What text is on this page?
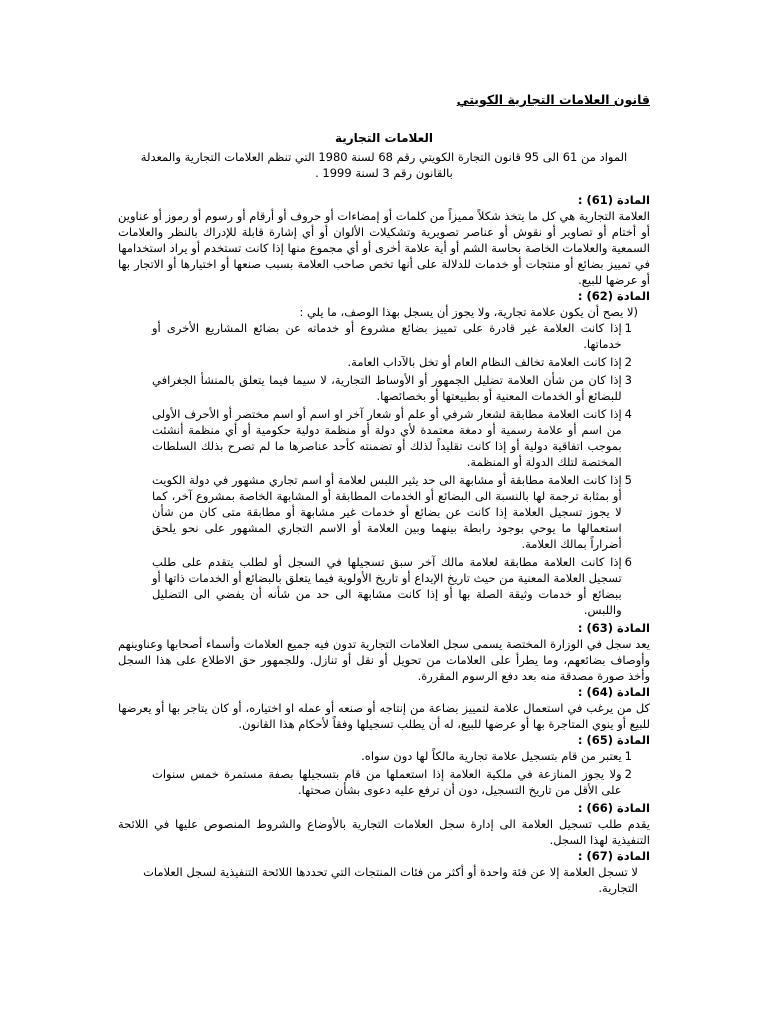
قانون العلامات التجارية الكويتي
العلامات التجارية
المواد من 61 الى 95 قانون التجارة الكويتي رقم 68 لسنة 1980 التي تنظم العلامات التجارية والمعدلة بالقانون رقم 3 لسنة 1999 .
المادة (61) :
العلامة التجارية هي كل ما يتخذ شكلاً مميزاً من كلمات أو إمضاءات أو حروف أو أرقام أو رسوم أو رموز أو عناوين أو أختام أو تصاوير أو نقوش أو عناصر تصويرية وتشكيلات الألوان أو أي إشارة قابلة للإدراك بالنظر والعلامات السمعية والعلامات الخاصة بحاسة الشم أو أية علامة أخرى أو أي مجموع منها إذا كانت تستخدم أو يراد استخدامها في تمييز بضائع أو منتجات أو خدمات للدلالة على أنها تخص صاحب العلامة بسبب صنعها أو اختيارها أو الاتجار بها أو عرضها للبيع.
المادة (62) :
(لا يصح أن يكون علامة تجارية، ولا يجوز أن يسجل بهذا الوصف، ما يلي :
1
إذا كانت العلامة غير قادرة على تمييز بضائع مشروع أو خدماته عن بضائع المشاريع الأخرى أو خدماتها.
2
إذا كانت العلامة تخالف النظام العام أو تخل بالآداب العامة.
3
إذا كان من شأن العلامة تضليل الجمهور أو الأوساط التجارية، لا سيما فيما يتعلق بالمنشأ الجغرافي للبضائع أو الخدمات المعنية أو بطبيعتها أو بخصائصها.
4
إذا كانت العلامة مطابقة لشعار شرفي أو علم أو شعار آخر او اسم أو اسم مختصر أو الأحرف الأولى من اسم أو علامة رسمية أو دمغة معتمدة لأي دولة أو منظمة دولية حكومية أو أي منظمة أنشئت بموجب اتفاقية دولية أو إذا كانت تقليداً لذلك أو تضمنته كأحد عناصرها ما لم تصرح بذلك السلطات المختصة لتلك الدولة أو المنظمة.
5
إذا كانت العلامة مطابقة أو مشابهة الى حد يثير اللبس لعلامة أو اسم تجاري مشهور في دولة الكويت أو بمثابة ترجمة لها بالنسبة الى البضائع أو الخدمات المطابقة أو المشابهة الخاصة بمشروع آخر، كما لا يجوز تسجيل العلامة إذا كانت عن بضائع أو خدمات غير مشابهة أو مطابقة متى كان من شأن استعمالها ما يوحي بوجود رابطة بينهما وبين العلامة أو الاسم التجاري المشهور على نحو يلحق أضراراً بمالك العلامة.
6
إذا كانت العلامة مطابقة لعلامة مالك آخر سبق تسجيلها في السجل أو لطلب يتقدم على طلب تسجيل العلامة المعنية من حيث تاريخ الإيداع أو تاريخ الأولوية فيما يتعلق بالبضائع أو الخدمات ذاتها أو ببضائع أو خدمات وثيقة الصلة بها أو إذا كانت مشابهة الى حد من شأنه أن يفضي الى التضليل واللبس.
المادة (63) :
يعد سجل في الوزارة المختصة يسمى سجل العلامات التجارية تدون فيه جميع العلامات وأسماء أصحابها وعناوينهم وأوصاف بضائعهم، وما يطرأ على العلامات من تحويل أو نقل أو تنازل. وللجمهور حق الاطلاع على هذا السجل وأخذ صورة مصدقة منه بعد دفع الرسوم المقررة.
المادة (64) :
كل من يرغب في استعمال علامة لتمييز بضاعة من إنتاجه أو صنعه أو عمله او اختياره، أو كان يتاجر بها أو يعرضها للبيع أو ينوي المتاجرة بها أو عرضها للبيع، له أن يطلب تسجيلها وفقاً لأحكام هذا القانون.
المادة (65) :
1
يعتبر من قام بتسجيل علامة تجارية مالكاً لها دون سواه.
2
ولا يجوز المنازعة في ملكية العلامة إذا استعملها من قام بتسجيلها بصفة مستمرة خمس سنوات على الأقل من تاريخ التسجيل، دون أن ترفع عليه دعوى بشأن صحتها.
المادة (66) :
يقدم طلب تسجيل العلامة الى إدارة سجل العلامات التجارية بالأوضاع والشروط المنصوص عليها في اللائحة التنفيذية لهذا السجل.
المادة (67) :
لا تسجل العلامة إلا عن فئة واحدة أو أكثر من فئات المنتجات التي تحددها اللائحة التنفيذية لسجل العلامات التجارية.
